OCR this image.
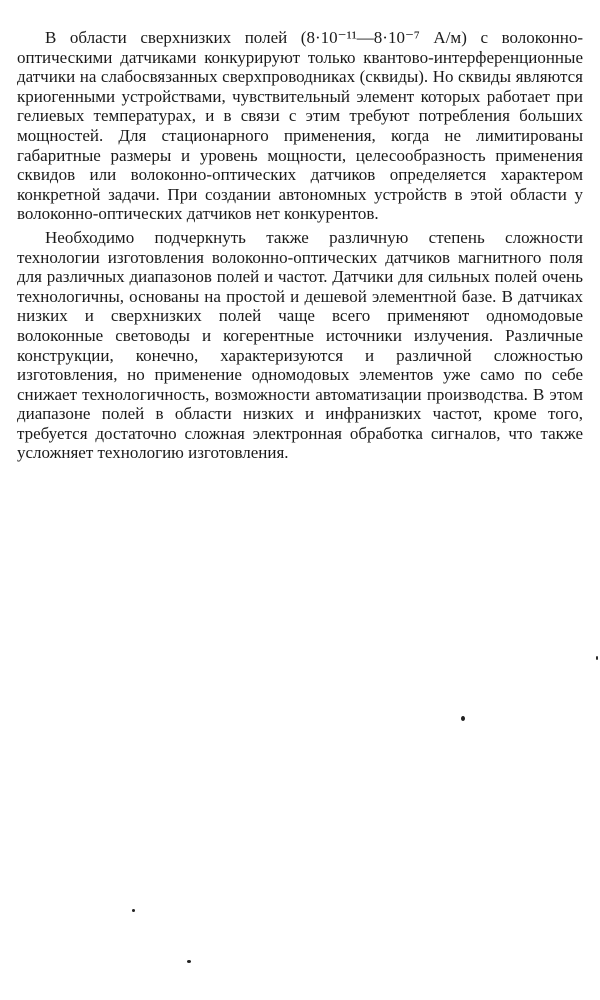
В области сверхнизких полей (8·10⁻¹¹—8·10⁻⁷ А/м) с волоконно-оптическими датчиками конкурируют только квантово-интерференционные датчики на слабосвязанных сверхпроводниках (сквиды). Но сквиды являются криогенными устройствами, чувствительный элемент которых работает при гелиевых температурах, и в связи с этим требуют потребления больших мощностей. Для стационарного применения, когда не лимитированы габаритные размеры и уровень мощности, целесообразность применения сквидов или волоконно-оптических датчиков определяется характером конкретной задачи. При создании автономных устройств в этой области у волоконно-оптических датчиков нет конкурентов.

Необходимо подчеркнуть также различную степень сложности технологии изготовления волоконно-оптических датчиков магнитного поля для различных диапазонов полей и частот. Датчики для сильных полей очень технологичны, основаны на простой и дешевой элементной базе. В датчиках низких и сверхнизких полей чаще всего применяют одномодовые волоконные световоды и когерентные источники излучения. Различные конструкции, конечно, характеризуются и различной сложностью изготовления, но применение одномодовых элементов уже само по себе снижает технологичность, возможности автоматизации производства. В этом диапазоне полей в области низких и инфранизких частот, кроме того, требуется достаточно сложная электронная обработка сигналов, что также усложняет технологию изготовления.
